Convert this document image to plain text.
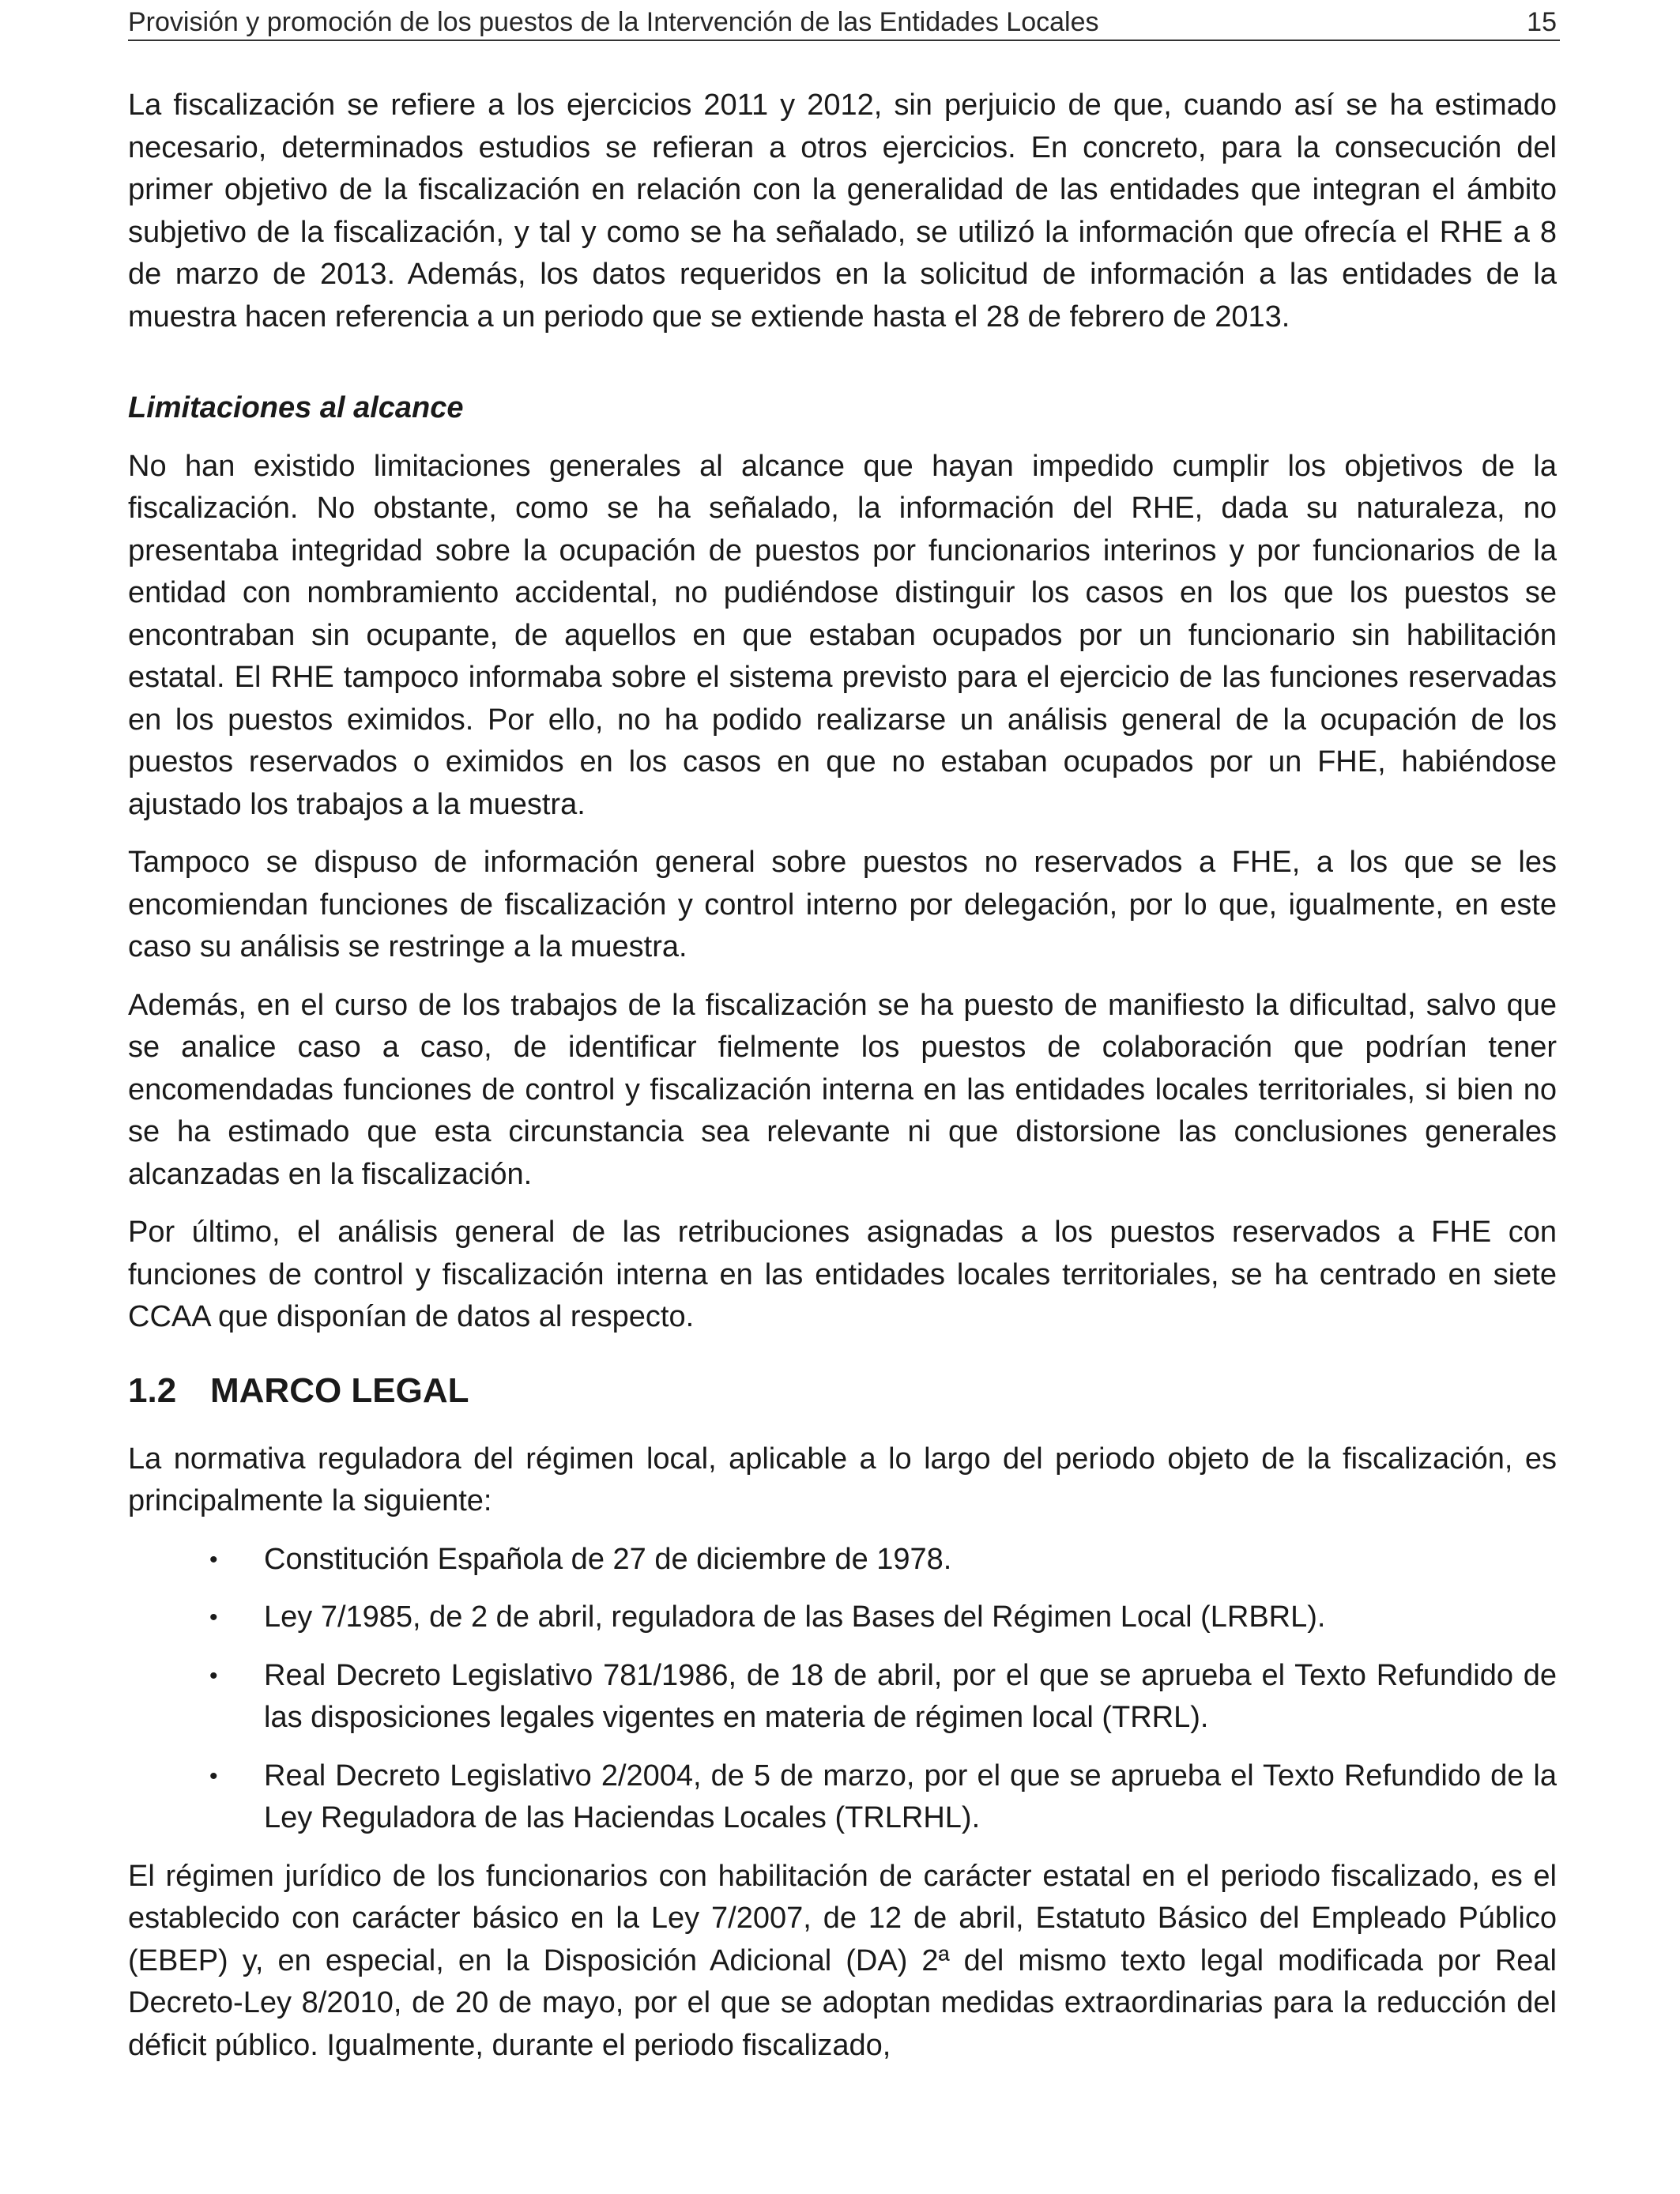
Provisión y promoción de los puestos de la Intervención de las Entidades Locales	15

La fiscalización se refiere a los ejercicios 2011 y 2012, sin perjuicio de que, cuando así se ha estimado necesario, determinados estudios se refieran a otros ejercicios. En concreto, para la consecución del primer objetivo de la fiscalización en relación con la generalidad de las entidades que integran el ámbito subjetivo de la fiscalización, y tal y como se ha señalado, se utilizó la información que ofrecía el RHE a 8 de marzo de 2013. Además, los datos requeridos en la solicitud de información a las entidades de la muestra hacen referencia a un periodo que se extiende hasta el 28 de febrero de 2013.

Limitaciones al alcance

No han existido limitaciones generales al alcance que hayan impedido cumplir los objetivos de la fiscalización. No obstante, como se ha señalado, la información del RHE, dada su naturaleza, no presentaba integridad sobre la ocupación de puestos por funcionarios interinos y por funcionarios de la entidad con nombramiento accidental, no pudiéndose distinguir los casos en los que los puestos se encontraban sin ocupante, de aquellos en que estaban ocupados por un funcionario sin habilitación estatal. El RHE tampoco informaba sobre el sistema previsto para el ejercicio de las funciones reservadas en los puestos eximidos. Por ello, no ha podido realizarse un análisis general de la ocupación de los puestos reservados o eximidos en los casos en que no estaban ocupados por un FHE, habiéndose ajustado los trabajos a la muestra.

Tampoco se dispuso de información general sobre puestos no reservados a FHE, a los que se les encomiendan funciones de fiscalización y control interno por delegación, por lo que, igualmente, en este caso su análisis se restringe a la muestra.

Además, en el curso de los trabajos de la fiscalización se ha puesto de manifiesto la dificultad, salvo que se analice caso a caso, de identificar fielmente los puestos de colaboración que podrían tener encomendadas funciones de control y fiscalización interna en las entidades locales territoriales, si bien no se ha estimado que esta circunstancia sea relevante ni que distorsione las conclusiones generales alcanzadas en la fiscalización.

Por último, el análisis general de las retribuciones asignadas a los puestos reservados a FHE con funciones de control y fiscalización interna en las entidades locales territoriales, se ha centrado en siete CCAA que disponían de datos al respecto.

1.2 MARCO LEGAL

La normativa reguladora del régimen local, aplicable a lo largo del periodo objeto de la fiscalización, es principalmente la siguiente:

• Constitución Española de 27 de diciembre de 1978.
• Ley 7/1985, de 2 de abril, reguladora de las Bases del Régimen Local (LRBRL).
• Real Decreto Legislativo 781/1986, de 18 de abril, por el que se aprueba el Texto Refundido de las disposiciones legales vigentes en materia de régimen local (TRRL).
• Real Decreto Legislativo 2/2004, de 5 de marzo, por el que se aprueba el Texto Refundido de la Ley Reguladora de las Haciendas Locales (TRLRHL).

El régimen jurídico de los funcionarios con habilitación de carácter estatal en el periodo fiscalizado, es el establecido con carácter básico en la Ley 7/2007, de 12 de abril, Estatuto Básico del Empleado Público (EBEP) y, en especial, en la Disposición Adicional (DA) 2ª del mismo texto legal modificada por Real Decreto-Ley 8/2010, de 20 de mayo, por el que se adoptan medidas extraordinarias para la reducción del déficit público. Igualmente, durante el periodo fiscalizado,
